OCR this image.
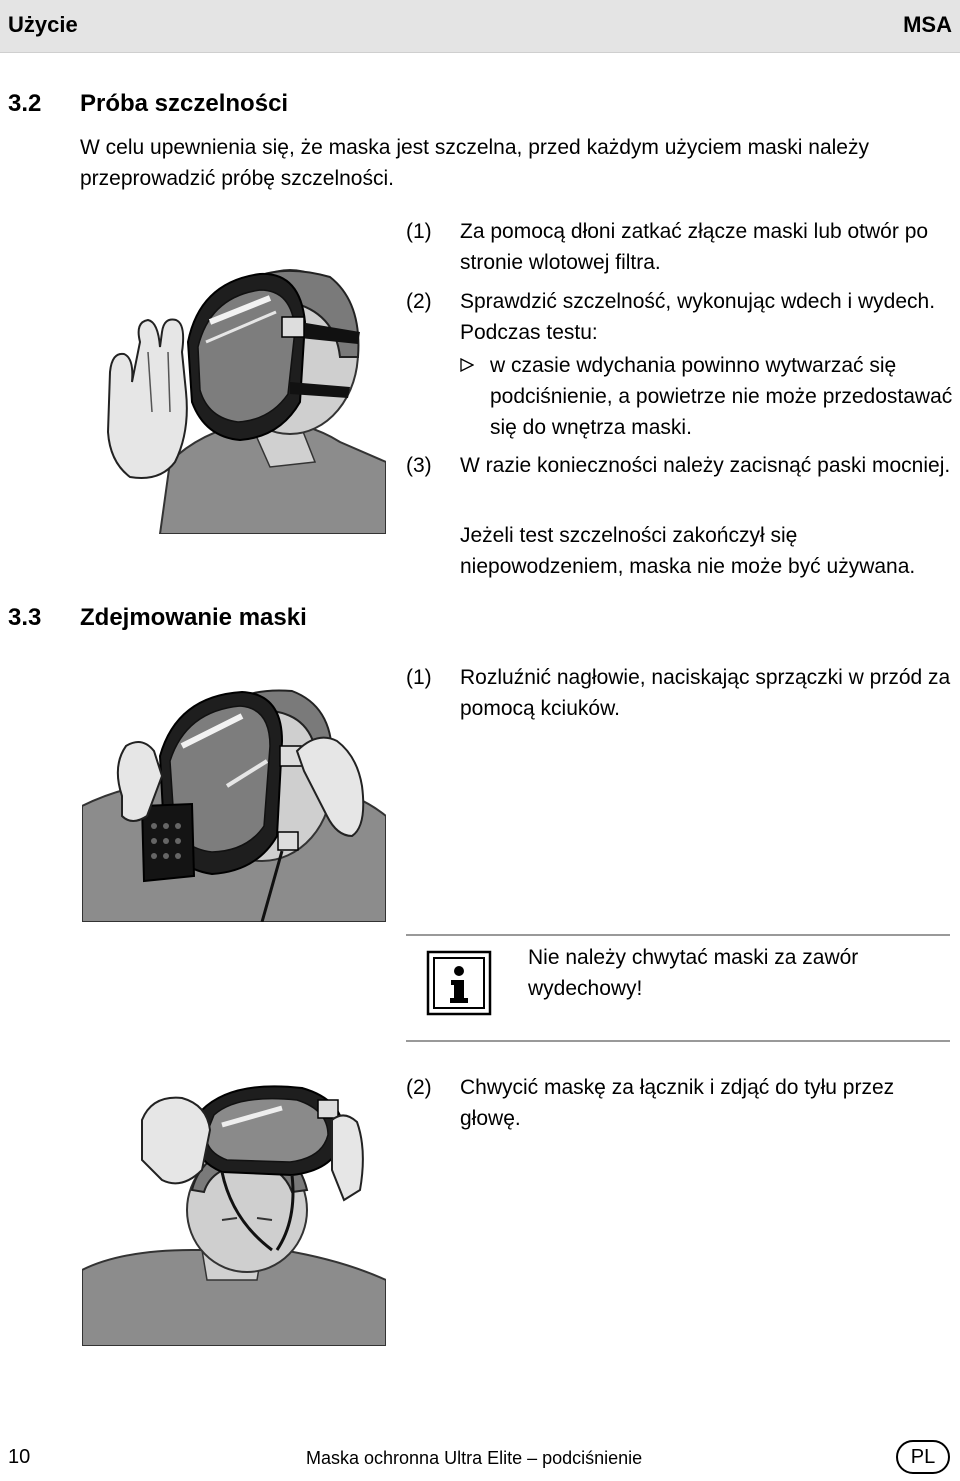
Użycie	MSA
3.2 Próba szczelności
W celu upewnienia się, że maska jest szczelna, przed każdym użyciem maski należy przeprowadzić próbę szczelności.
(1) Za pomocą dłoni zatkać złącze maski lub otwór po stronie wlotowej filtra.
(2) Sprawdzić szczelność, wykonując wdech i wydech. Podczas testu:
w czasie wdychania powinno wytwarzać się podciśnienie, a powietrze nie może przedostawać się do wnętrza maski.
(3) W razie konieczności należy zacisnąć paski mocniej.
Jeżeli test szczelności zakończył się niepowodzeniem, maska nie może być używana.
3.3 Zdejmowanie maski
(1) Rozluźnić nagłowie, naciskając sprzączki w przód za pomocą kciuków.
Nie należy chwytać maski za zawór wydechowy!
(2) Chwycić maskę za łącznik i zdjąć do tyłu przez głowę.
10	Maska ochronna Ultra Elite – podciśnienie	PL
